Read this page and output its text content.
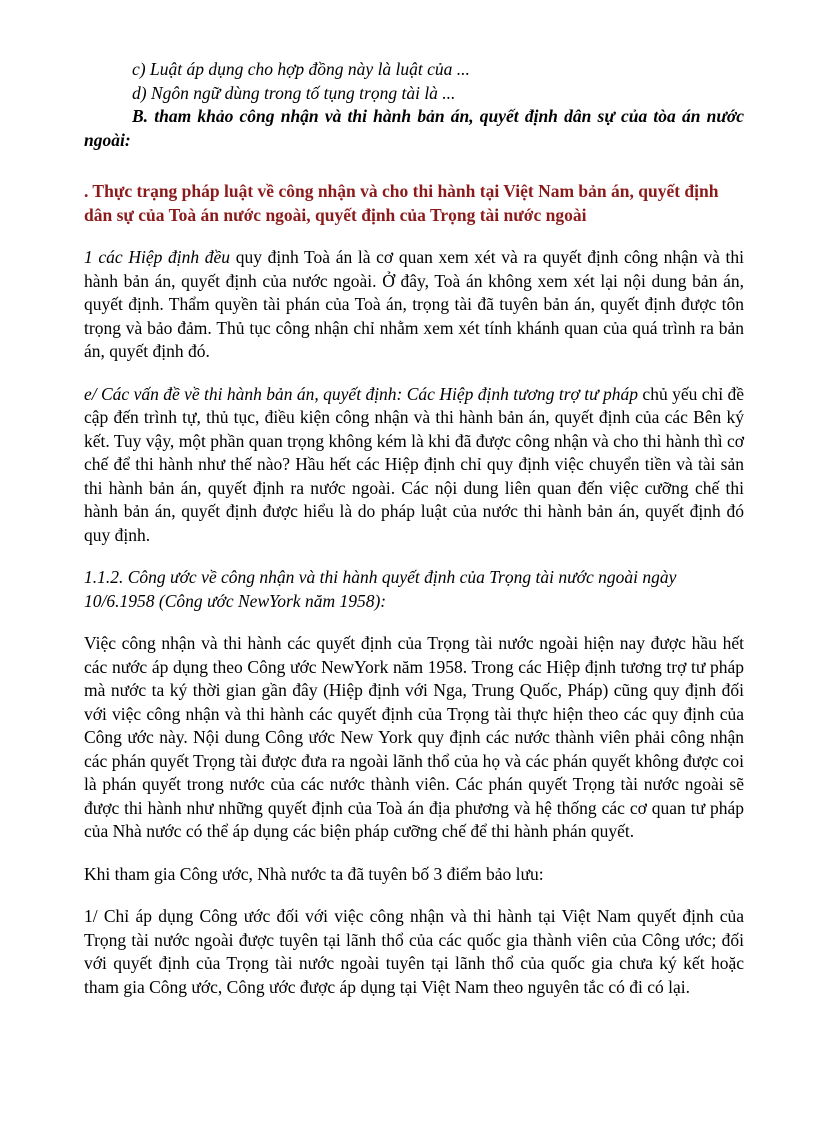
c) Luật áp dụng cho hợp đồng này là luật của ...

d) Ngôn ngữ dùng trong tố tụng trọng tài là ...

B. tham khảo công nhận và thi hành bản án, quyết định dân sự của tòa án nước ngoài:

. Thực trạng pháp luật về công nhận và cho thi hành tại Việt Nam bản án, quyết định dân sự của Toà án nước ngoài, quyết định của Trọng tài nước ngoài

1 các Hiệp định đều quy định Toà án là cơ quan xem xét và ra quyết định công nhận và thi hành bản án, quyết định của nước ngoài. Ở đây, Toà án không xem xét lại nội dung bản án, quyết định. Thẩm quyền tài phán của Toà án, trọng tài đã tuyên bản án, quyết định được tôn trọng và bảo đảm. Thủ tục công nhận chỉ nhằm xem xét tính khánh quan của quá trình ra bản án, quyết định đó.

e/ Các vấn đề về thi hành bản án, quyết định: Các Hiệp định tương trợ tư pháp chủ yếu chỉ đề cập đến trình tự, thủ tục, điều kiện công nhận và thi hành bản án, quyết định của các Bên ký kết. Tuy vậy, một phần quan trọng không kém là khi đã được công nhận và cho thi hành thì cơ chế để thi hành như thế nào? Hầu hết các Hiệp định chỉ quy định việc chuyển tiền và tài sản thi hành bản án, quyết định ra nước ngoài. Các nội dung liên quan đến việc cưỡng chế thi hành bản án, quyết định được hiểu là do pháp luật của nước thi hành bản án, quyết định đó quy định.

1.1.2. Công ước về công nhận và thi hành quyết định của Trọng tài nước ngoài ngày 10/6.1958 (Công ước NewYork năm 1958):

Việc công nhận và thi hành các quyết định của Trọng tài nước ngoài hiện nay được hầu hết các nước áp dụng theo Công ước NewYork năm 1958. Trong các Hiệp định tương trợ tư pháp mà nước ta ký thời gian gần đây (Hiệp định với Nga, Trung Quốc, Pháp) cũng quy định đối với việc công nhận và thi hành các quyết định của Trọng tài thực hiện theo các quy định của Công ước này. Nội dung Công ước New York quy định các nước thành viên phải công nhận các phán quyết Trọng tài được đưa ra ngoài lãnh thổ của họ và các phán quyết không được coi là phán quyết trong nước của các nước thành viên. Các phán quyết Trọng tài nước ngoài sẽ được thi hành như những quyết định của Toà án địa phương và hệ thống các cơ quan tư pháp của Nhà nước có thể áp dụng các biện pháp cưỡng chế để thi hành phán quyết.

Khi tham gia Công ước, Nhà nước ta đã tuyên bố 3 điểm bảo lưu:

1/ Chỉ áp dụng Công ước đối với việc công nhận và thi hành tại Việt Nam quyết định của Trọng tài nước ngoài được tuyên tại lãnh thổ của các quốc gia thành viên của Công ước; đối với quyết định của Trọng tài nước ngoài tuyên tại lãnh thổ của quốc gia chưa ký kết hoặc tham gia Công ước, Công ước được áp dụng tại Việt Nam theo nguyên tắc có đi có lại.
